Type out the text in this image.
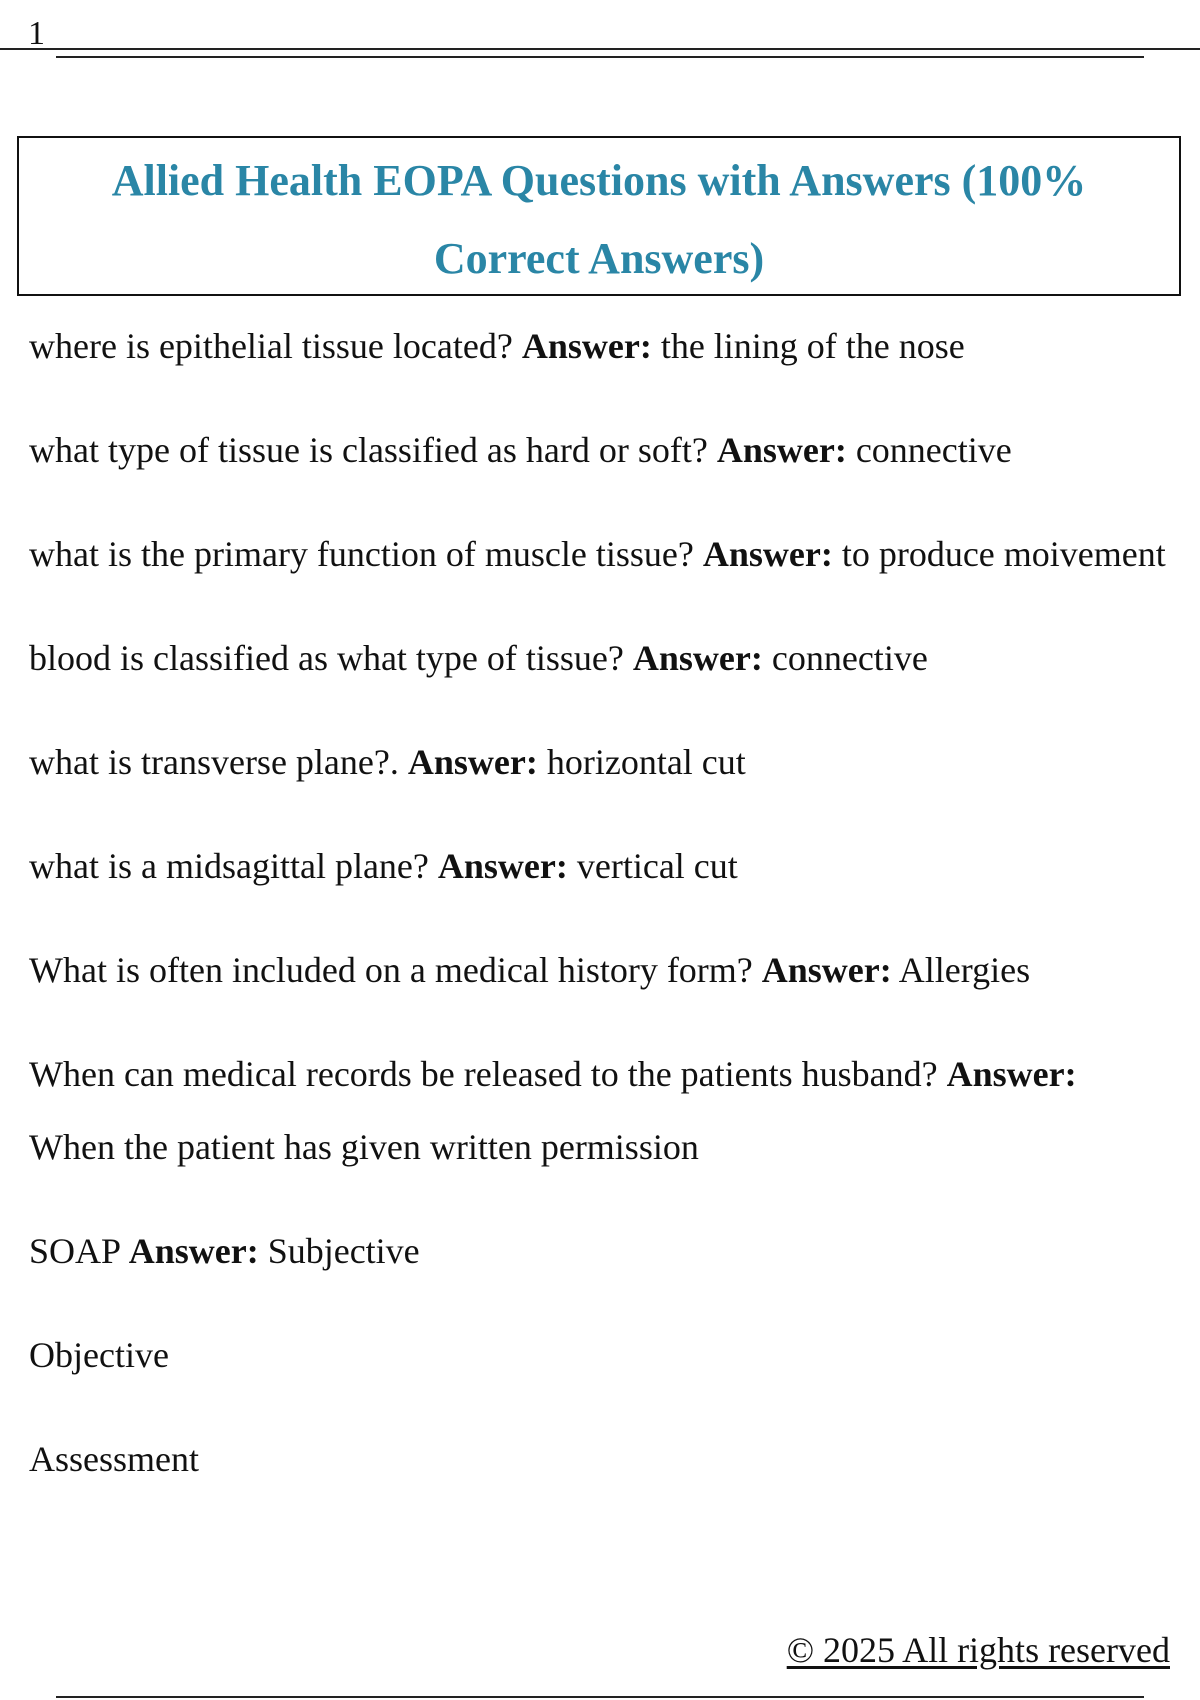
1
Allied Health EOPA Questions with Answers (100% Correct Answers)

where is epithelial tissue located? Answer: the lining of the nose

what type of tissue is classified as hard or soft? Answer: connective

what is the primary function of muscle tissue? Answer: to produce moivement

blood is classified as what type of tissue? Answer: connective

what is transverse plane?. Answer: horizontal cut

what is a midsagittal plane? Answer: vertical cut

What is often included on a medical history form? Answer: Allergies

When can medical records be released to the patients husband? Answer: When the patient has given written permission

SOAP Answer: Subjective

Objective

Assessment

© 2025 All rights reserved
